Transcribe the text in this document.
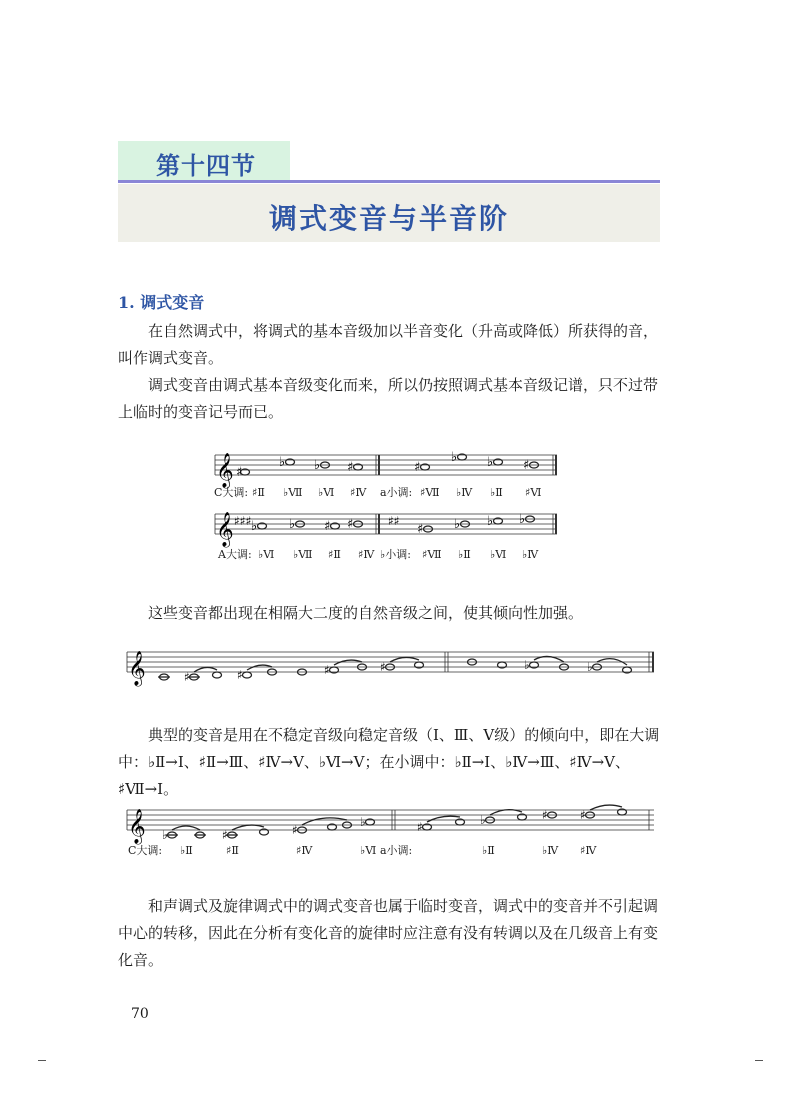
第十四节
调式变音与半音阶
1. 调式变音

在自然调式中，将调式的基本音级加以半音变化（升高或降低）所获得的音，叫作调式变音。

调式变音由调式基本音级变化而来，所以仍按照调式基本音级记谱，只不过带上临时的变音记号而已。

𝄞
𝄞 ♯♯♯	♯♯
♯
♭ ♭ ♯	♯
♭ ♭ ♯
♭ ♭ ♯ ♯	♯ ♭ ♭ ♭
C大调: ♯Ⅱ ♭Ⅶ ♭Ⅵ ♯Ⅳ a小调: ♯Ⅶ ♭Ⅳ ♭Ⅱ ♯Ⅵ
A大调: ♭Ⅵ ♭Ⅶ ♯Ⅱ ♯Ⅳ ♭小调: ♯Ⅶ ♭Ⅱ ♭Ⅵ ♭Ⅳ

这些变音都出现在相隔大二度的自然音级之间，使其倾向性加强。

𝄞	♯	♯	♯	♯	♭	♭

典型的变音是用在不稳定音级向稳定音级（Ⅰ、Ⅲ、Ⅴ级）的倾向中，即在大调中：♭Ⅱ→Ⅰ、♯Ⅱ→Ⅲ、♯Ⅳ→Ⅴ、♭Ⅵ→Ⅴ；在小调中：♭Ⅱ→Ⅰ、♭Ⅳ→Ⅲ、♯Ⅳ→Ⅴ、♯Ⅶ→Ⅰ。

𝄞 ♭	♯	♯
♭	♯	♭	♯	♯
C大调: ♭Ⅱ	♯Ⅱ	♯Ⅳ	♭Ⅵ a小调:	♭Ⅱ	♭Ⅳ ♯Ⅳ

和声调式及旋律调式中的调式变音也属于临时变音，调式中的变音并不引起调中心的转移，因此在分析有变化音的旋律时应注意有没有转调以及在几级音上有变化音。

70
